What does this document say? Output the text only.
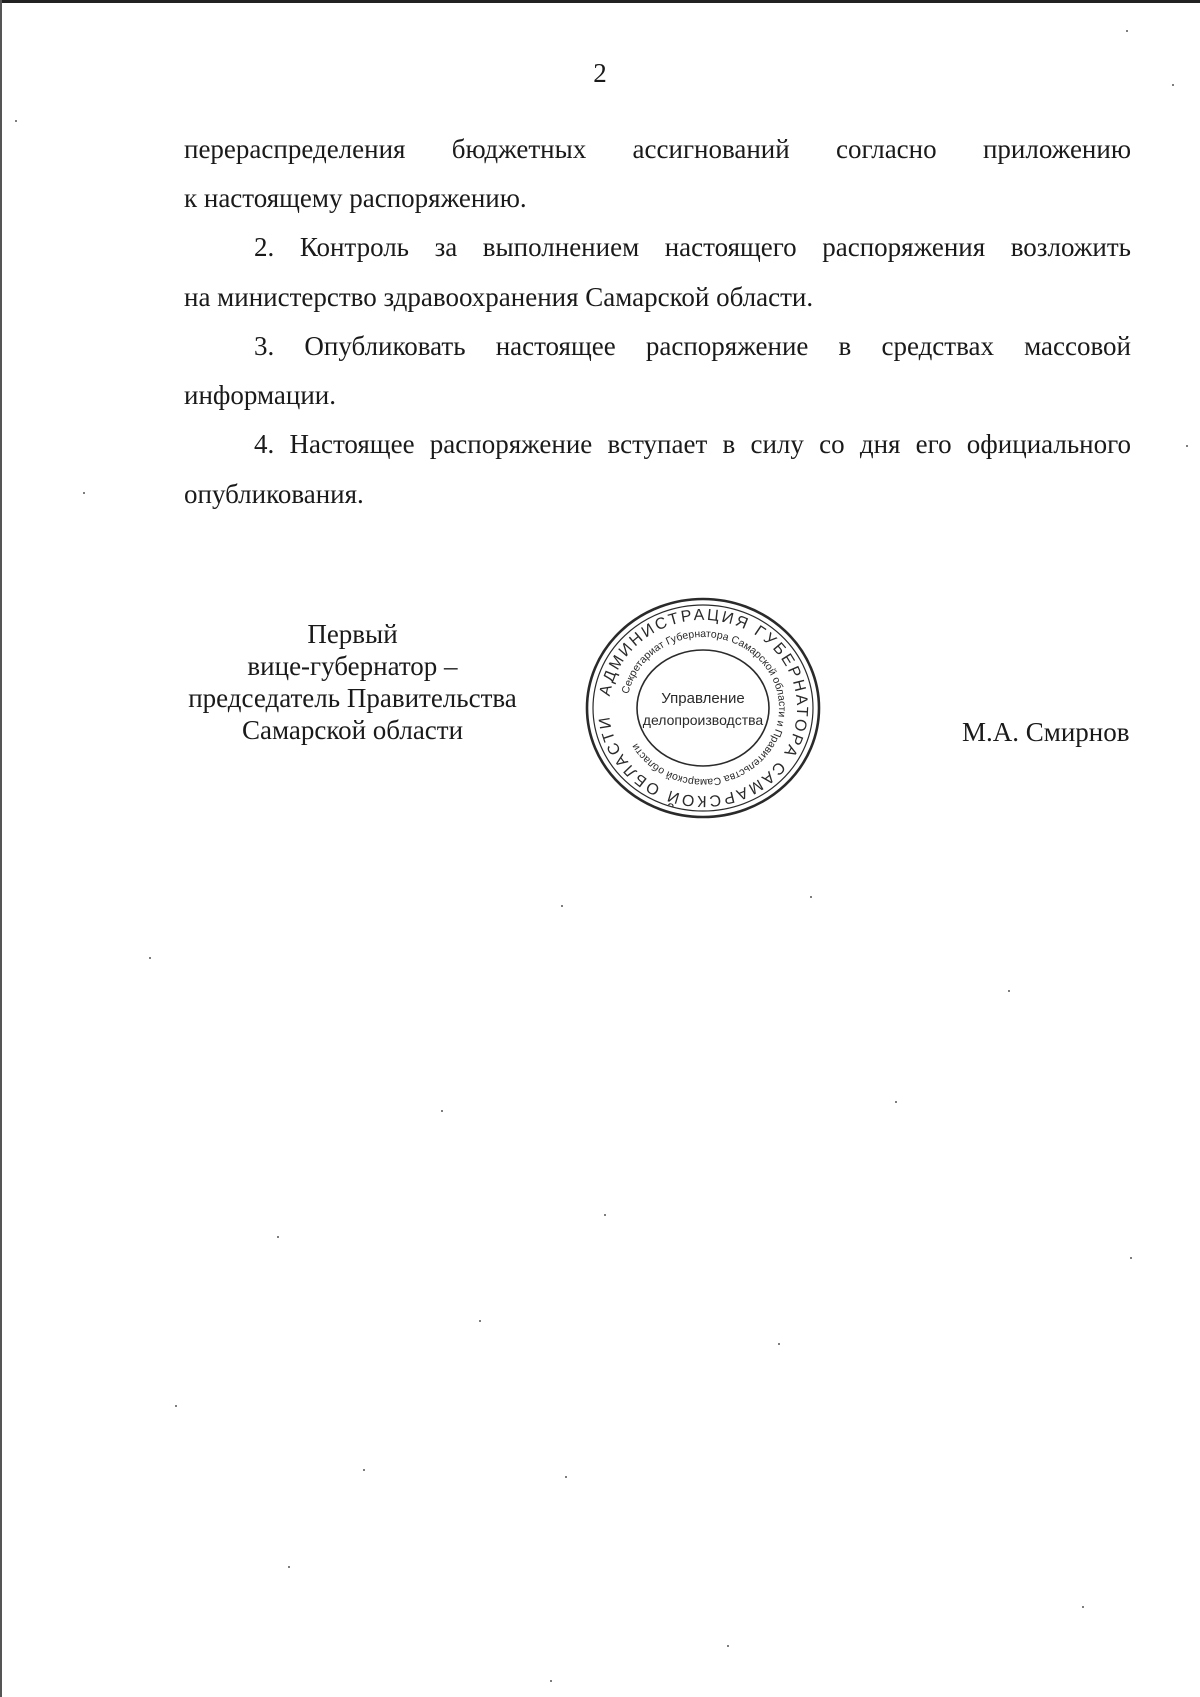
2
перераспределения бюджетных ассигнований согласно приложению
к настоящему распоряжению.
2. Контроль за выполнением настоящего распоряжения возложить
на министерство здравоохранения Самарской области.
3. Опубликовать настоящее распоряжение в средствах массовой
информации.
4. Настоящее распоряжение вступает в силу со дня его официального
опубликования.
Первый
вице-губернатор –
председатель Правительства
Самарской области
АДМИНИСТРАЦИЯ ГУБЕРНАТОРА САМАРСКОЙ ОБЛАСТИ
Секретариат Губернатора Самарской области и Правительства Самарской области
Управление
делопроизводства	М.А. Смирнов
